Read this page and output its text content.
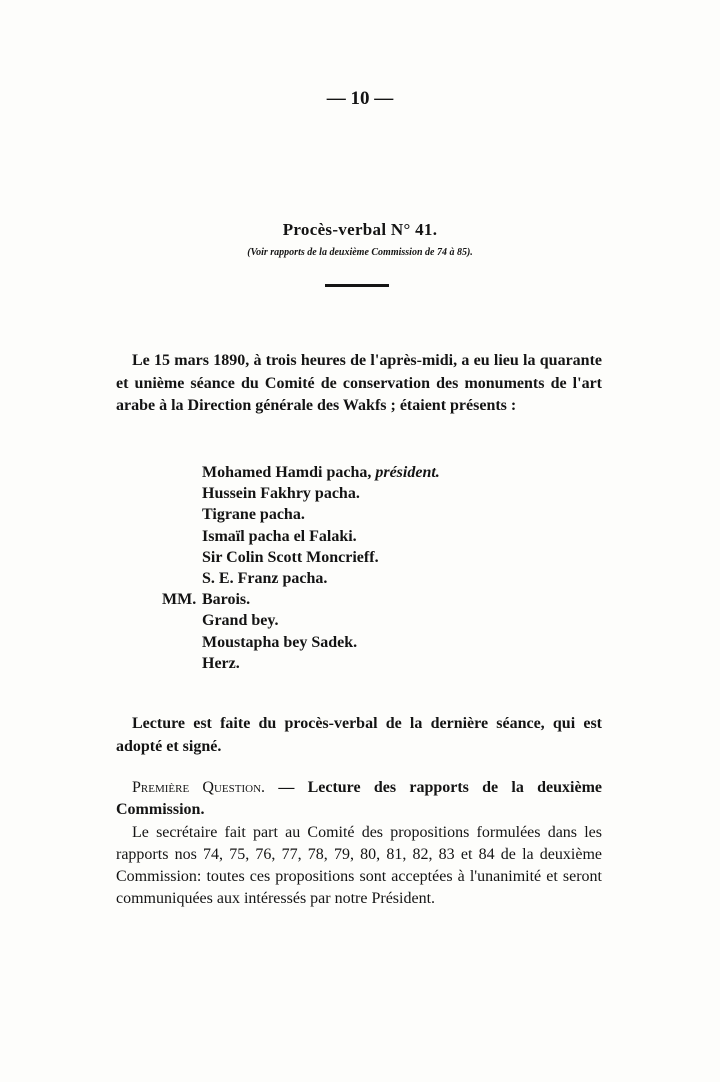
— 10 —
Procès-verbal N° 41.
(Voir rapports de la deuxième Commission de 74 à 85).
Le 15 mars 1890, à trois heures de l'après-midi, a eu lieu la quarante et unième séance du Comité de conservation des monuments de l'art arabe à la Direction générale des Wakfs ; étaient présents :
Mohamed Hamdi pacha, président.
Hussein Fakhry pacha.
Tigrane pacha.
Ismaïl pacha el Falaki.
Sir Colin Scott Moncrieff.
S. E. Franz pacha.
Barois.
Grand bey.
Moustapha bey Sadek.
Herz.
MM.
Lecture est faite du procès-verbal de la dernière séance, qui est adopté et signé.
Première Question. — Lecture des rapports de la deuxième Commission.
Le secrétaire fait part au Comité des propositions formulées dans les rapports nos 74, 75, 76, 77, 78, 79, 80, 81, 82, 83 et 84 de la deuxième Commission: toutes ces propositions sont acceptées à l'unanimité et seront communiquées aux intéressés par notre Président.
